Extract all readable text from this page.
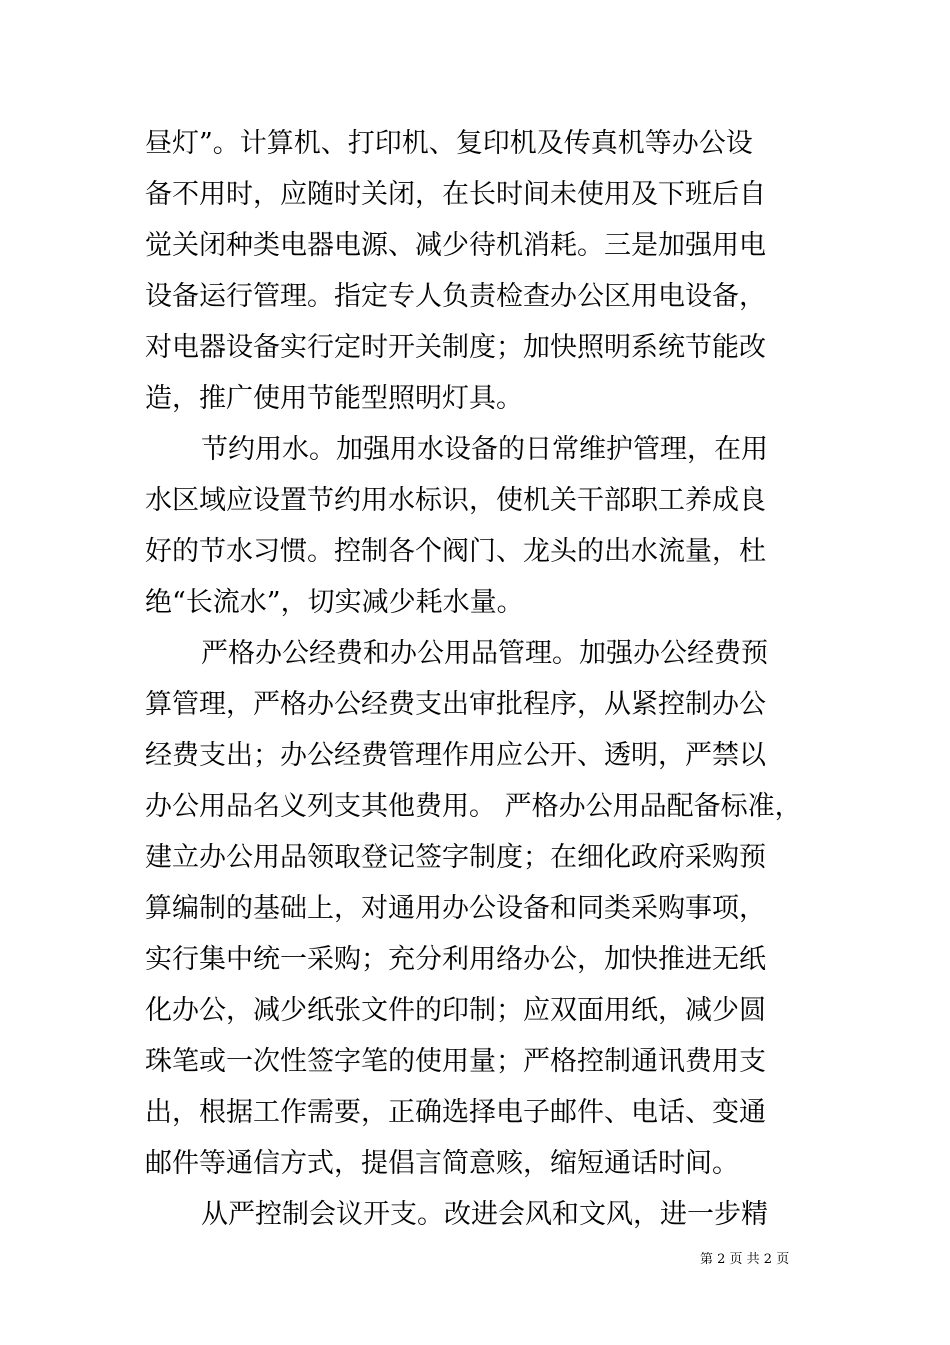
昼灯”。计算机、打印机、复印机及传真机等办公设
备不用时，应随时关闭，在长时间未使用及下班后自
觉关闭种类电器电源、减少待机消耗。三是加强用电
设备运行管理。指定专人负责检查办公区用电设备，
对电器设备实行定时开关制度；加快照明系统节能改
造，推广使用节能型照明灯具。
节约用水。加强用水设备的日常维护管理，在用
水区域应设置节约用水标识，使机关干部职工养成良
好的节水习惯。控制各个阀门、龙头的出水流量，杜
绝“长流水”，切实减少耗水量。
严格办公经费和办公用品管理。加强办公经费预
算管理，严格办公经费支出审批程序，从紧控制办公
经费支出；办公经费管理作用应公开、透明，严禁以
办公用品名义列支其他费用。 严格办公用品配备标准，
建立办公用品领取登记签字制度；在细化政府采购预
算编制的基础上，对通用办公设备和同类采购事项，
实行集中统一采购；充分利用络办公，加快推进无纸
化办公，减少纸张文件的印制；应双面用纸，减少圆
珠笔或一次性签字笔的使用量；严格控制通讯费用支
出，根据工作需要，正确选择电子邮件、电话、变通
邮件等通信方式，提倡言简意赅，缩短通话时间。
从严控制会议开支。改进会风和文风，进一步精
第 2 页 共 2 页
